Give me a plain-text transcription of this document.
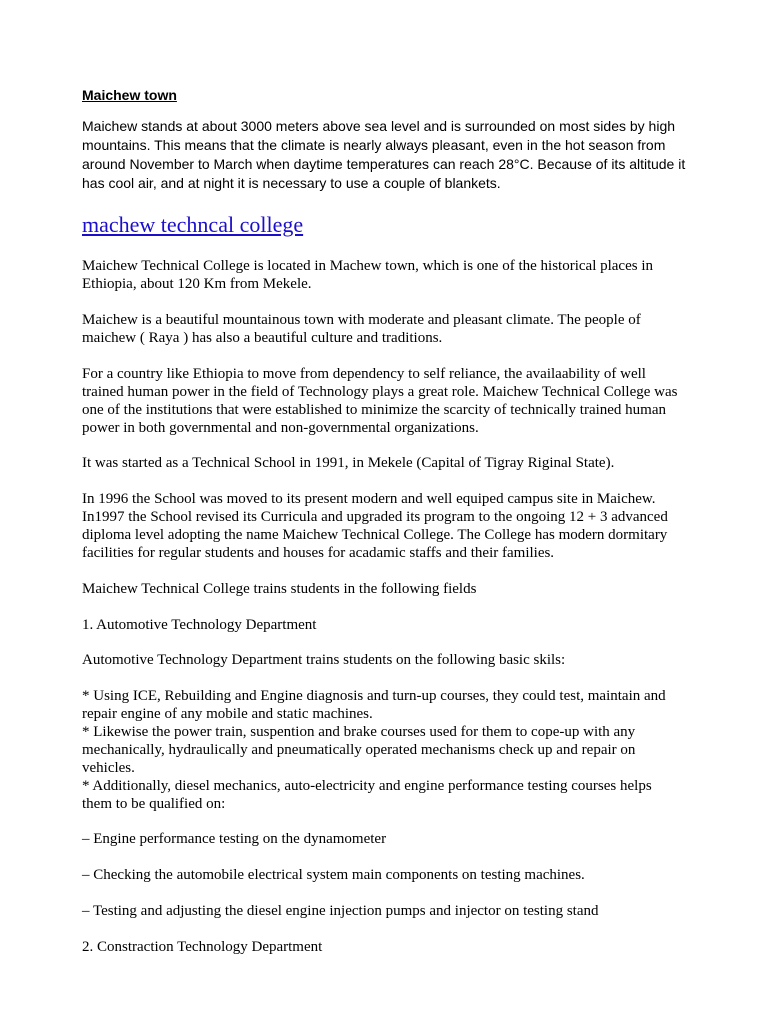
Maichew town

Maichew stands at about 3000 meters above sea level and is surrounded on most sides by high
mountains. This means that the climate is nearly always pleasant, even in the hot season from
around November to March when daytime temperatures can reach 28°C. Because of its altitude it
has cool air, and at night it is necessary to use a couple of blankets.

machew techncal college

Maichew Technical College is located in Machew town, which is one of the historical places in
Ethiopia, about 120 Km from Mekele.

Maichew is a beautiful mountainous town with moderate and pleasant climate. The people of
maichew ( Raya ) has also a beautiful culture and traditions.

For a country like Ethiopia to move from dependency to self reliance, the availaability of well
trained human power in the field of Technology plays a great role. Maichew Technical College was
one of the institutions that were established to minimize the scarcity of technically trained human
power in both governmental and non-governmental organizations.

It was started as a Technical School in 1991, in Mekele (Capital of Tigray Riginal State).

In 1996 the School was moved to its present modern and well equiped campus site in Maichew.
In1997 the School revised its Curricula and upgraded its program to the ongoing 12 + 3 advanced
diploma level adopting the name Maichew Technical College. The College has modern dormitary
facilities for regular students and houses for acadamic staffs and their families.

Maichew Technical College trains students in the following fields

1. Automotive Technology Department

Automotive Technology Department trains students on the following basic skils:

* Using ICE, Rebuilding and Engine diagnosis and turn-up courses, they could test, maintain and
repair engine of any mobile and static machines.
* Likewise the power train, suspention and brake courses used for them to cope-up with any
mechanically, hydraulically and pneumatically operated mechanisms check up and repair on
vehicles.
* Additionally, diesel mechanics, auto-electricity and engine performance testing courses helps
them to be qualified on:

– Engine performance testing on the dynamometer

– Checking the automobile electrical system main components on testing machines.

– Testing and adjusting the diesel engine injection pumps and injector on testing stand

2. Constraction Technology Department
